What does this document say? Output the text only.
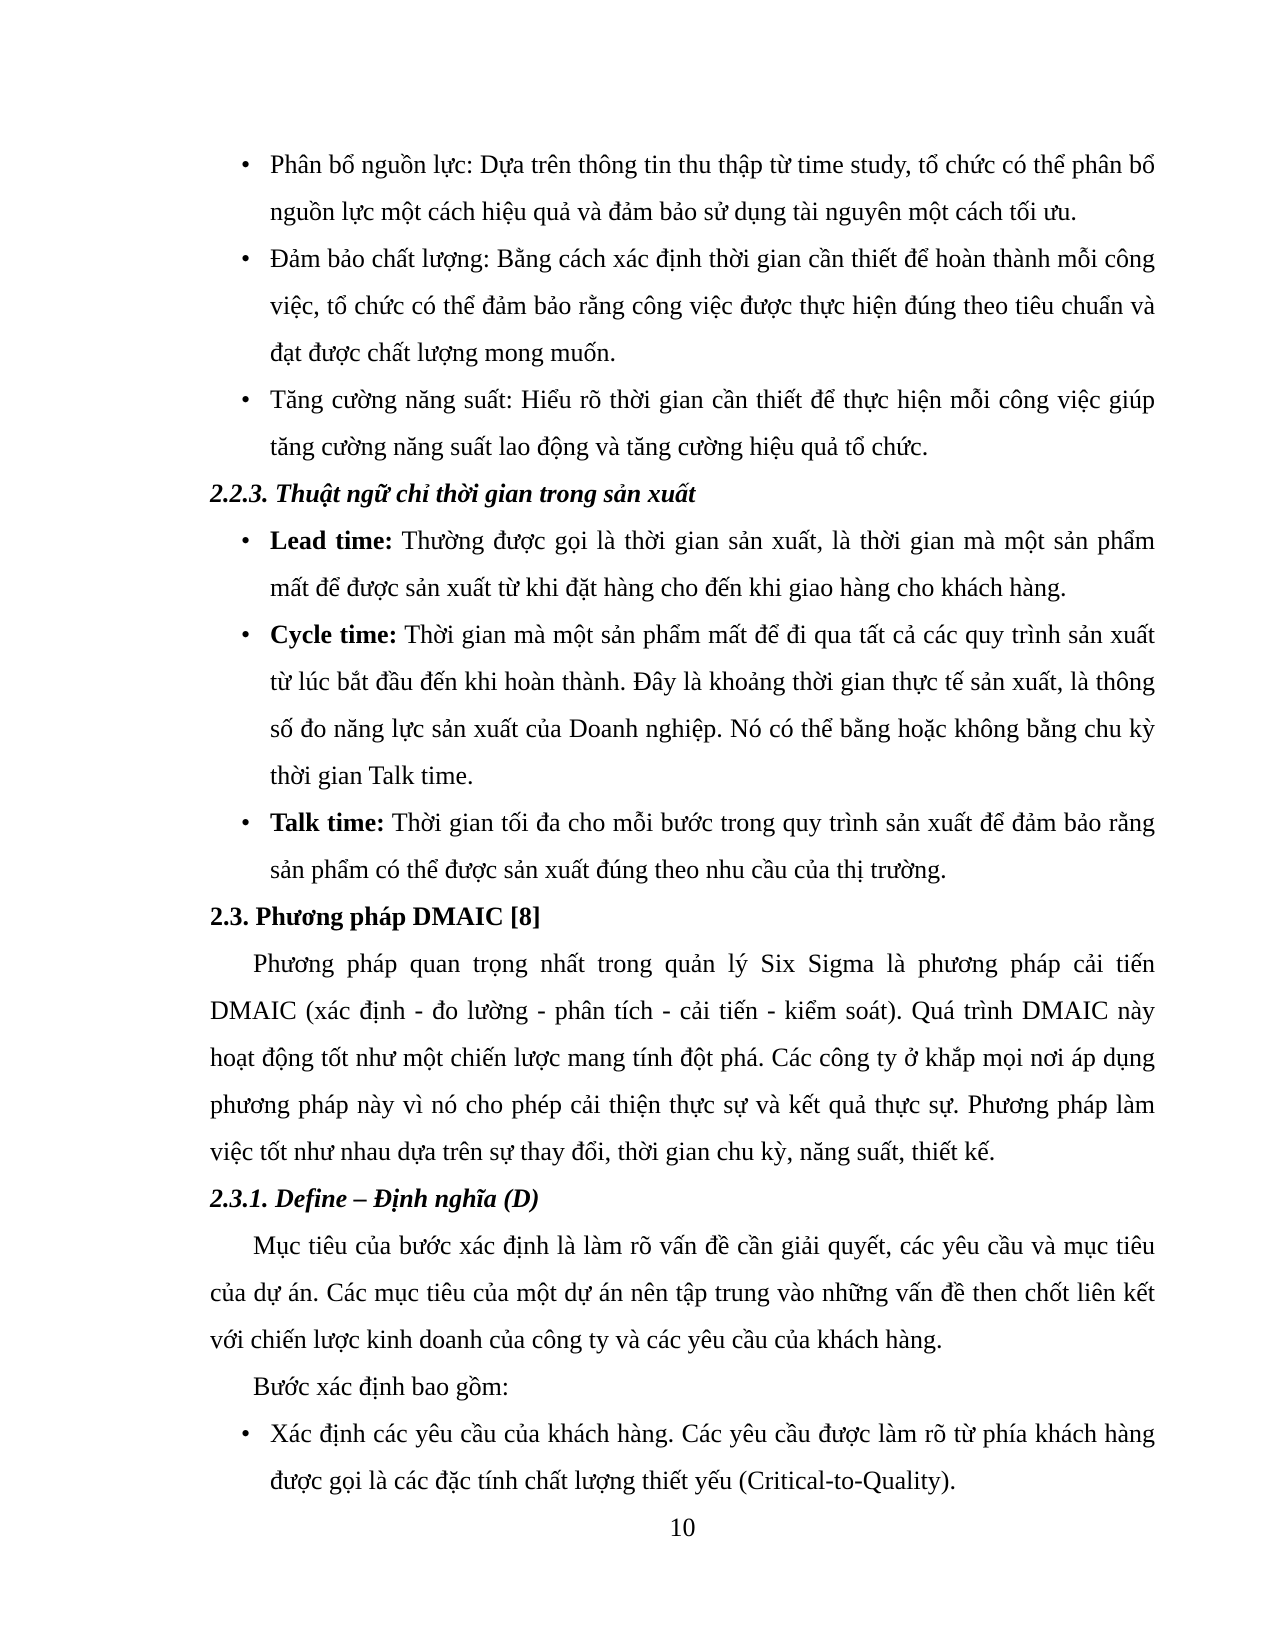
• Phân bổ nguồn lực: Dựa trên thông tin thu thập từ time study, tổ chức có thể phân bổ nguồn lực một cách hiệu quả và đảm bảo sử dụng tài nguyên một cách tối ưu.

• Đảm bảo chất lượng: Bằng cách xác định thời gian cần thiết để hoàn thành mỗi công việc, tổ chức có thể đảm bảo rằng công việc được thực hiện đúng theo tiêu chuẩn và đạt được chất lượng mong muốn.

• Tăng cường năng suất: Hiểu rõ thời gian cần thiết để thực hiện mỗi công việc giúp tăng cường năng suất lao động và tăng cường hiệu quả tổ chức.

2.2.3. Thuật ngữ chỉ thời gian trong sản xuất

• Lead time: Thường được gọi là thời gian sản xuất, là thời gian mà một sản phẩm mất để được sản xuất từ khi đặt hàng cho đến khi giao hàng cho khách hàng.

• Cycle time: Thời gian mà một sản phẩm mất để đi qua tất cả các quy trình sản xuất từ lúc bắt đầu đến khi hoàn thành. Đây là khoảng thời gian thực tế sản xuất, là thông số đo năng lực sản xuất của Doanh nghiệp. Nó có thể bằng hoặc không bằng chu kỳ thời gian Talk time.

• Talk time: Thời gian tối đa cho mỗi bước trong quy trình sản xuất để đảm bảo rằng sản phẩm có thể được sản xuất đúng theo nhu cầu của thị trường.

2.3. Phương pháp DMAIC [8]

Phương pháp quan trọng nhất trong quản lý Six Sigma là phương pháp cải tiến DMAIC (xác định - đo lường - phân tích - cải tiến - kiểm soát). Quá trình DMAIC này hoạt động tốt như một chiến lược mang tính đột phá. Các công ty ở khắp mọi nơi áp dụng phương pháp này vì nó cho phép cải thiện thực sự và kết quả thực sự. Phương pháp làm việc tốt như nhau dựa trên sự thay đổi, thời gian chu kỳ, năng suất, thiết kế.

2.3.1. Define – Định nghĩa (D)

Mục tiêu của bước xác định là làm rõ vấn đề cần giải quyết, các yêu cầu và mục tiêu của dự án. Các mục tiêu của một dự án nên tập trung vào những vấn đề then chốt liên kết với chiến lược kinh doanh của công ty và các yêu cầu của khách hàng.

Bước xác định bao gồm:

• Xác định các yêu cầu của khách hàng. Các yêu cầu được làm rõ từ phía khách hàng được gọi là các đặc tính chất lượng thiết yếu (Critical-to-Quality).

10
